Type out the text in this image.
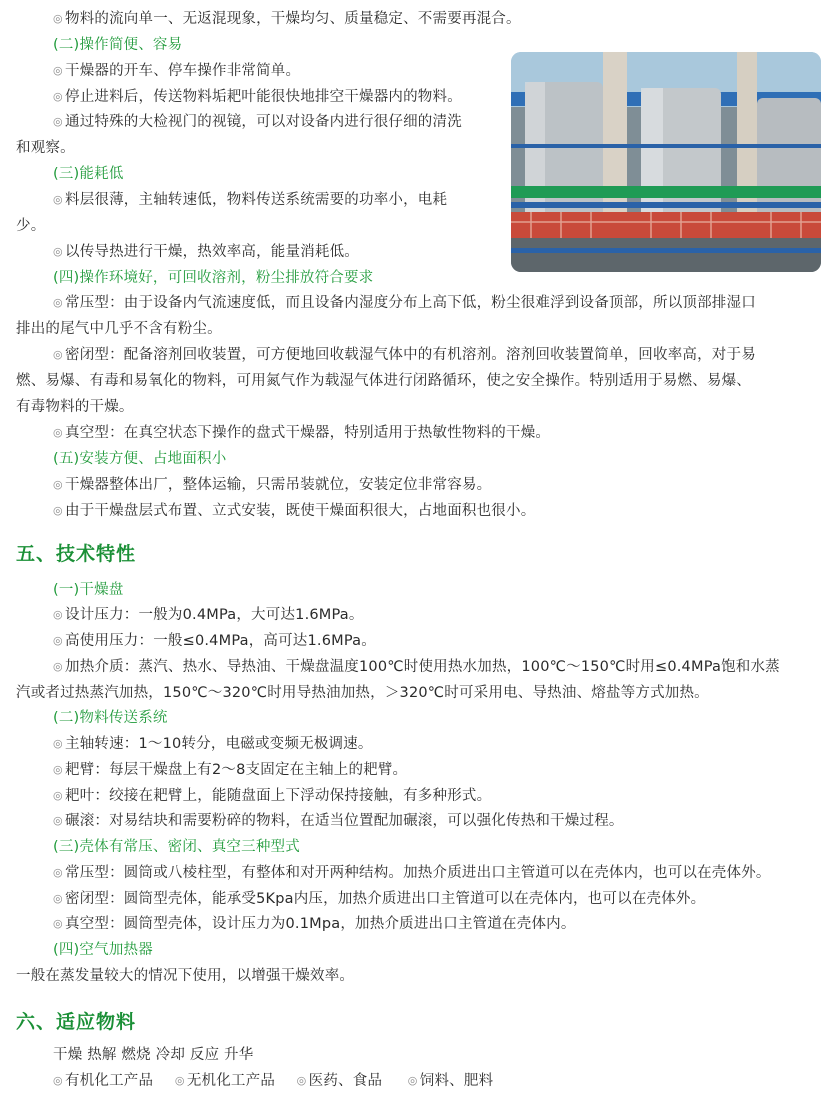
◎ 物料的流向单一、无返混现象，干燥均匀、质量稳定、不需要再混合。
(二)操作简便、容易
◎ 干燥器的开车、停车操作非常简单。
◎ 停止进料后，传送物料垢耙叶能很快地排空干燥器内的物料。
◎ 通过特殊的大检视门的视镜，可以对设备内进行很仔细的清洗
和观察。
(三)能耗低
◎ 料层很薄，主轴转速低，物料传送系统需要的功率小，电耗
少。
◎ 以传导热进行干燥，热效率高，能量消耗低。
(四)操作环境好，可回收溶剂，粉尘排放符合要求
◎ 常压型：由于设备内气流速度低，而且设备内湿度分布上高下低，粉尘很难浮到设备顶部，所以顶部排湿口
排出的尾气中几乎不含有粉尘。
◎ 密闭型：配备溶剂回收装置，可方便地回收载湿气体中的有机溶剂。溶剂回收装置简单，回收率高，对于易
燃、易爆、有毒和易氧化的物料，可用氮气作为载湿气体进行闭路循环，使之安全操作。特别适用于易燃、易爆、
有毒物料的干燥。
◎ 真空型：在真空状态下操作的盘式干燥器，特别适用于热敏性物料的干燥。
(五)安装方便、占地面积小
◎ 干燥器整体出厂，整体运输，只需吊装就位，安装定位非常容易。
◎ 由于干燥盘层式布置、立式安装，既使干燥面积很大，占地面积也很小。
五、技术特性
(一)干燥盘
◎ 设计压力：一般为0.4MPa，大可达1.6MPa。
◎ 高使用压力：一般≤0.4MPa，高可达1.6MPa。
◎ 加热介质：蒸汽、热水、导热油、干燥盘温度100℃时使用热水加热，100℃～150℃时用≤0.4MPa饱和水蒸
汽或者过热蒸汽加热，150℃～320℃时用导热油加热，＞320℃时可采用电、导热油、熔盐等方式加热。
(二)物料传送系统
◎ 主轴转速：1～10转分，电磁或变频无极调速。
◎ 耙臂：每层干燥盘上有2～8支固定在主轴上的耙臂。
◎ 耙叶：绞接在耙臂上，能随盘面上下浮动保持接触，有多种形式。
◎ 碾滚：对易结块和需要粉碎的物料，在适当位置配加碾滚，可以强化传热和干燥过程。
(三)壳体有常压、密闭、真空三种型式
◎ 常压型：圆筒或八棱柱型，有整体和对开两种结构。加热介质进出口主管道可以在壳体内，也可以在壳体外。
◎ 密闭型：圆筒型壳体，能承受5Kpa内压，加热介质进出口主管道可以在壳体内，也可以在壳体外。
◎ 真空型：圆筒型壳体，设计压力为0.1Mpa，加热介质进出口主管道在壳体内。
(四)空气加热器
一般在蒸发量较大的情况下使用，以增强干燥效率。
六、适应物料
干燥 热解 燃烧 冷却 反应 升华
◎ 有机化工产品 ◎ 无机化工产品 ◎ 医药、食品 ◎ 饲料、肥料
